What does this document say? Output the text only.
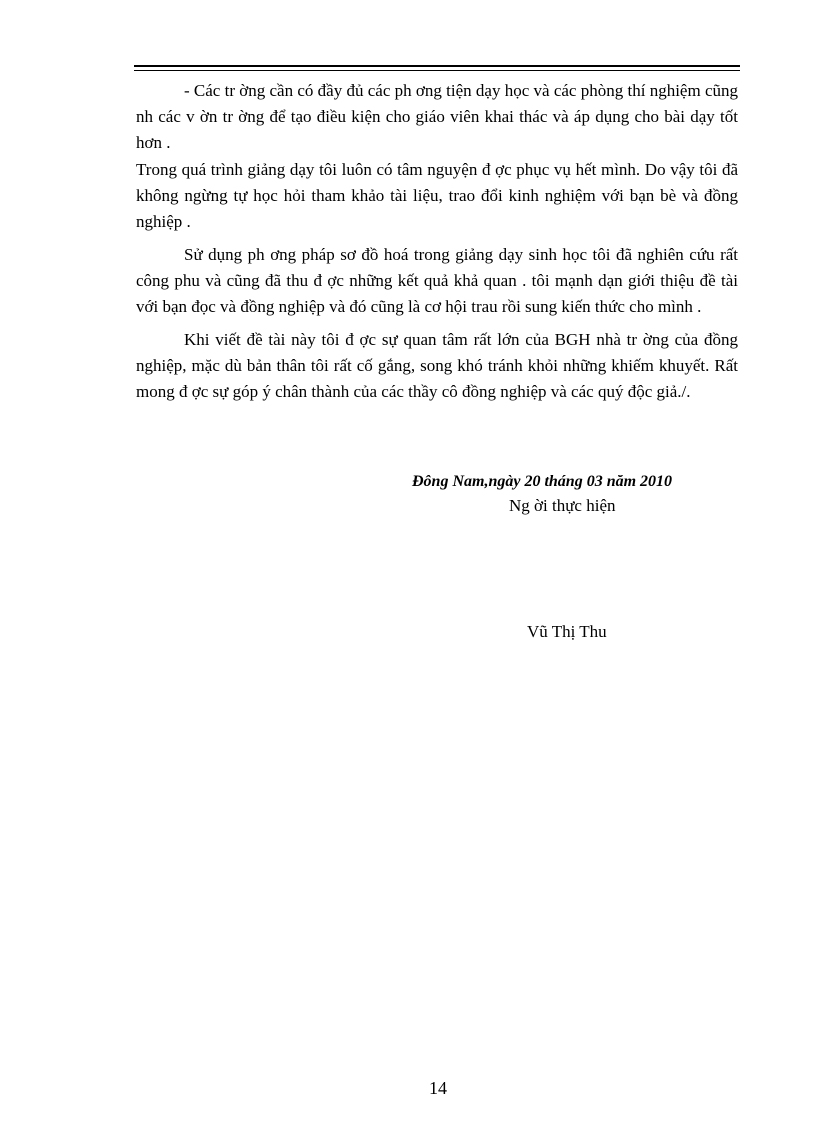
- Các tr ờng cần có đầy đủ các ph ơng tiện dạy học và các phòng thí nghiệm cũng nh các v ờn tr ờng để tạo điều kiện cho giáo viên khai thác và áp dụng cho bài dạy tốt hơn .

Trong quá trình giảng dạy tôi luôn có tâm nguyện đ ợc phục vụ hết mình. Do vậy tôi đã không ngừng tự học hỏi tham khảo tài liệu, trao đổi kinh nghiệm với bạn bè và đồng nghiệp .

Sử dụng ph ơng pháp sơ đồ hoá trong giảng dạy sinh học tôi đã nghiên cứu rất công phu và cũng đã thu đ ợc những kết quả khả quan . tôi mạnh dạn giới thiệu đề tài với bạn đọc và đồng nghiệp và đó cũng là cơ hội trau rồi sung kiến thức cho mình .

Khi viết đề tài này tôi đ ợc sự quan tâm rất lớn của BGH nhà tr ờng của đồng nghiệp, mặc dù bản thân tôi rất cố gắng, song khó tránh khỏi những khiếm khuyết. Rất mong đ ợc sự góp ý chân thành của các thầy cô đồng nghiệp và các quý độc giả./.

Đông Nam,ngày 20 tháng 03 năm 2010
Ng ời thực hiện
Vũ Thị Thu
14
